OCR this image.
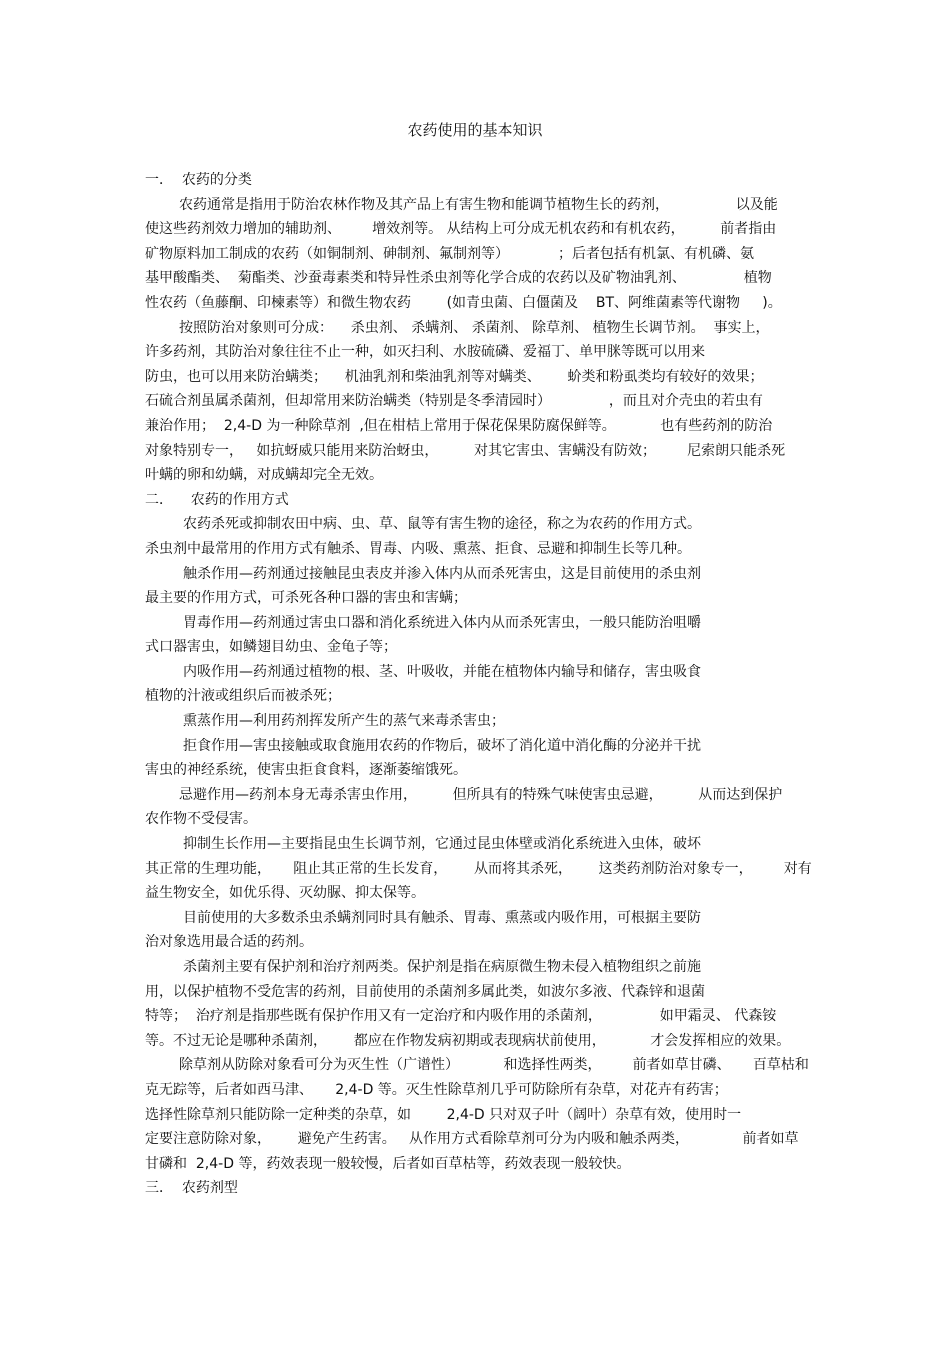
农药使用的基本知识
一．  农药的分类
农药通常是指用于防治农林作物及其产品上有害生物和能调节植物生长的药剂，               以及能
使这些药剂效力增加的辅助剂、       增效剂等。 从结构上可分成无机农药和有机农药，        前者指由
矿物原料加工制成的农药（如铜制剂、砷制剂、氟制剂等）           ；后者包括有机氯、有机磷、氨
基甲酸酯类、  菊酯类、沙蚕毒素类和特异性杀虫剂等化学合成的农药以及矿物油乳剂、             植物
性农药（鱼藤酮、印楝素等）和微生物农药        (如青虫菌、白僵菌及    BT、阿维菌素等代谢物     )。
按照防治对象则可分成：    杀虫剂、 杀螨剂、 杀菌剂、 除草剂、 植物生长调节剂。  事实上，
许多药剂，其防治对象往往不止一种，如灭扫利、水胺硫磷、爱福丁、单甲脒等既可以用来
防虫，也可以用来防治螨类；    机油乳剂和柴油乳剂等对螨类、      蚧类和粉虱类均有较好的效果；
石硫合剂虽属杀菌剂，但却常用来防治螨类（特别是冬季清园时）             ，而且对介壳虫的若虫有
兼治作用；  2,4-D 为一种除草剂  ,但在柑桔上常用于保花保果防腐保鲜等。          也有些药剂的防治
对象特别专一，   如抗蚜威只能用来防治蚜虫，        对其它害虫、害螨没有防效；       尼索朗只能杀死
叶螨的卵和幼螨，对成螨却完全无效。
二．    农药的作用方式
农药杀死或抑制农田中病、虫、草、鼠等有害生物的途径，称之为农药的作用方式。
杀虫剂中最常用的作用方式有触杀、胃毒、内吸、熏蒸、拒食、忌避和抑制生长等几种。
触杀作用—药剂通过接触昆虫表皮并渗入体内从而杀死害虫，这是目前使用的杀虫剂
最主要的作用方式，可杀死各种口器的害虫和害螨；
胃毒作用—药剂通过害虫口器和消化系统进入体内从而杀死害虫，一般只能防治咀嚼
式口器害虫，如鳞翅目幼虫、金龟子等；
内吸作用—药剂通过植物的根、茎、叶吸收，并能在植物体内输导和储存，害虫吸食
植物的汁液或组织后而被杀死；
熏蒸作用—利用药剂挥发所产生的蒸气来毒杀害虫；
拒食作用—害虫接触或取食施用农药的作物后，破坏了消化道中消化酶的分泌并干扰
害虫的神经系统，使害虫拒食食料，逐渐萎缩饿死。
忌避作用—药剂本身无毒杀害虫作用，        但所具有的特殊气味使害虫忌避，        从而达到保护
农作物不受侵害。
抑制生长作用—主要指昆虫生长调节剂，它通过昆虫体壁或消化系统进入虫体，破坏
其正常的生理功能，     阻止其正常的生长发育，      从而将其杀死，      这类药剂防治对象专一，       对有
益生物安全，如优乐得、灭幼脲、抑太保等。
目前使用的大多数杀虫杀螨剂同时具有触杀、胃毒、熏蒸或内吸作用，可根据主要防
治对象选用最合适的药剂。
杀菌剂主要有保护剂和治疗剂两类。保护剂是指在病原微生物未侵入植物组织之前施
用，以保护植物不受危害的药剂，目前使用的杀菌剂多属此类，如波尔多液、代森锌和退菌
特等；  治疗剂是指那些既有保护作用又有一定治疗和内吸作用的杀菌剂，             如甲霜灵、 代森铵
等。不过无论是哪种杀菌剂，      都应在作物发病初期或表现病状前使用，          才会发挥相应的效果。
除草剂从防除对象看可分为灭生性（广谱性）          和选择性两类，       前者如草甘磷、     百草枯和
克无踪等，后者如西马津、     2,4-D 等。灭生性除草剂几乎可防除所有杂草，对花卉有药害；
选择性除草剂只能防除一定种类的杂草，如        2,4-D 只对双子叶（阔叶）杂草有效，使用时一
定要注意防除对象，      避免产生药害。   从作用方式看除草剂可分为内吸和触杀两类，            前者如草
甘磷和  2,4-D 等，药效表现一般较慢，后者如百草枯等，药效表现一般较快。
三．  农药剂型
